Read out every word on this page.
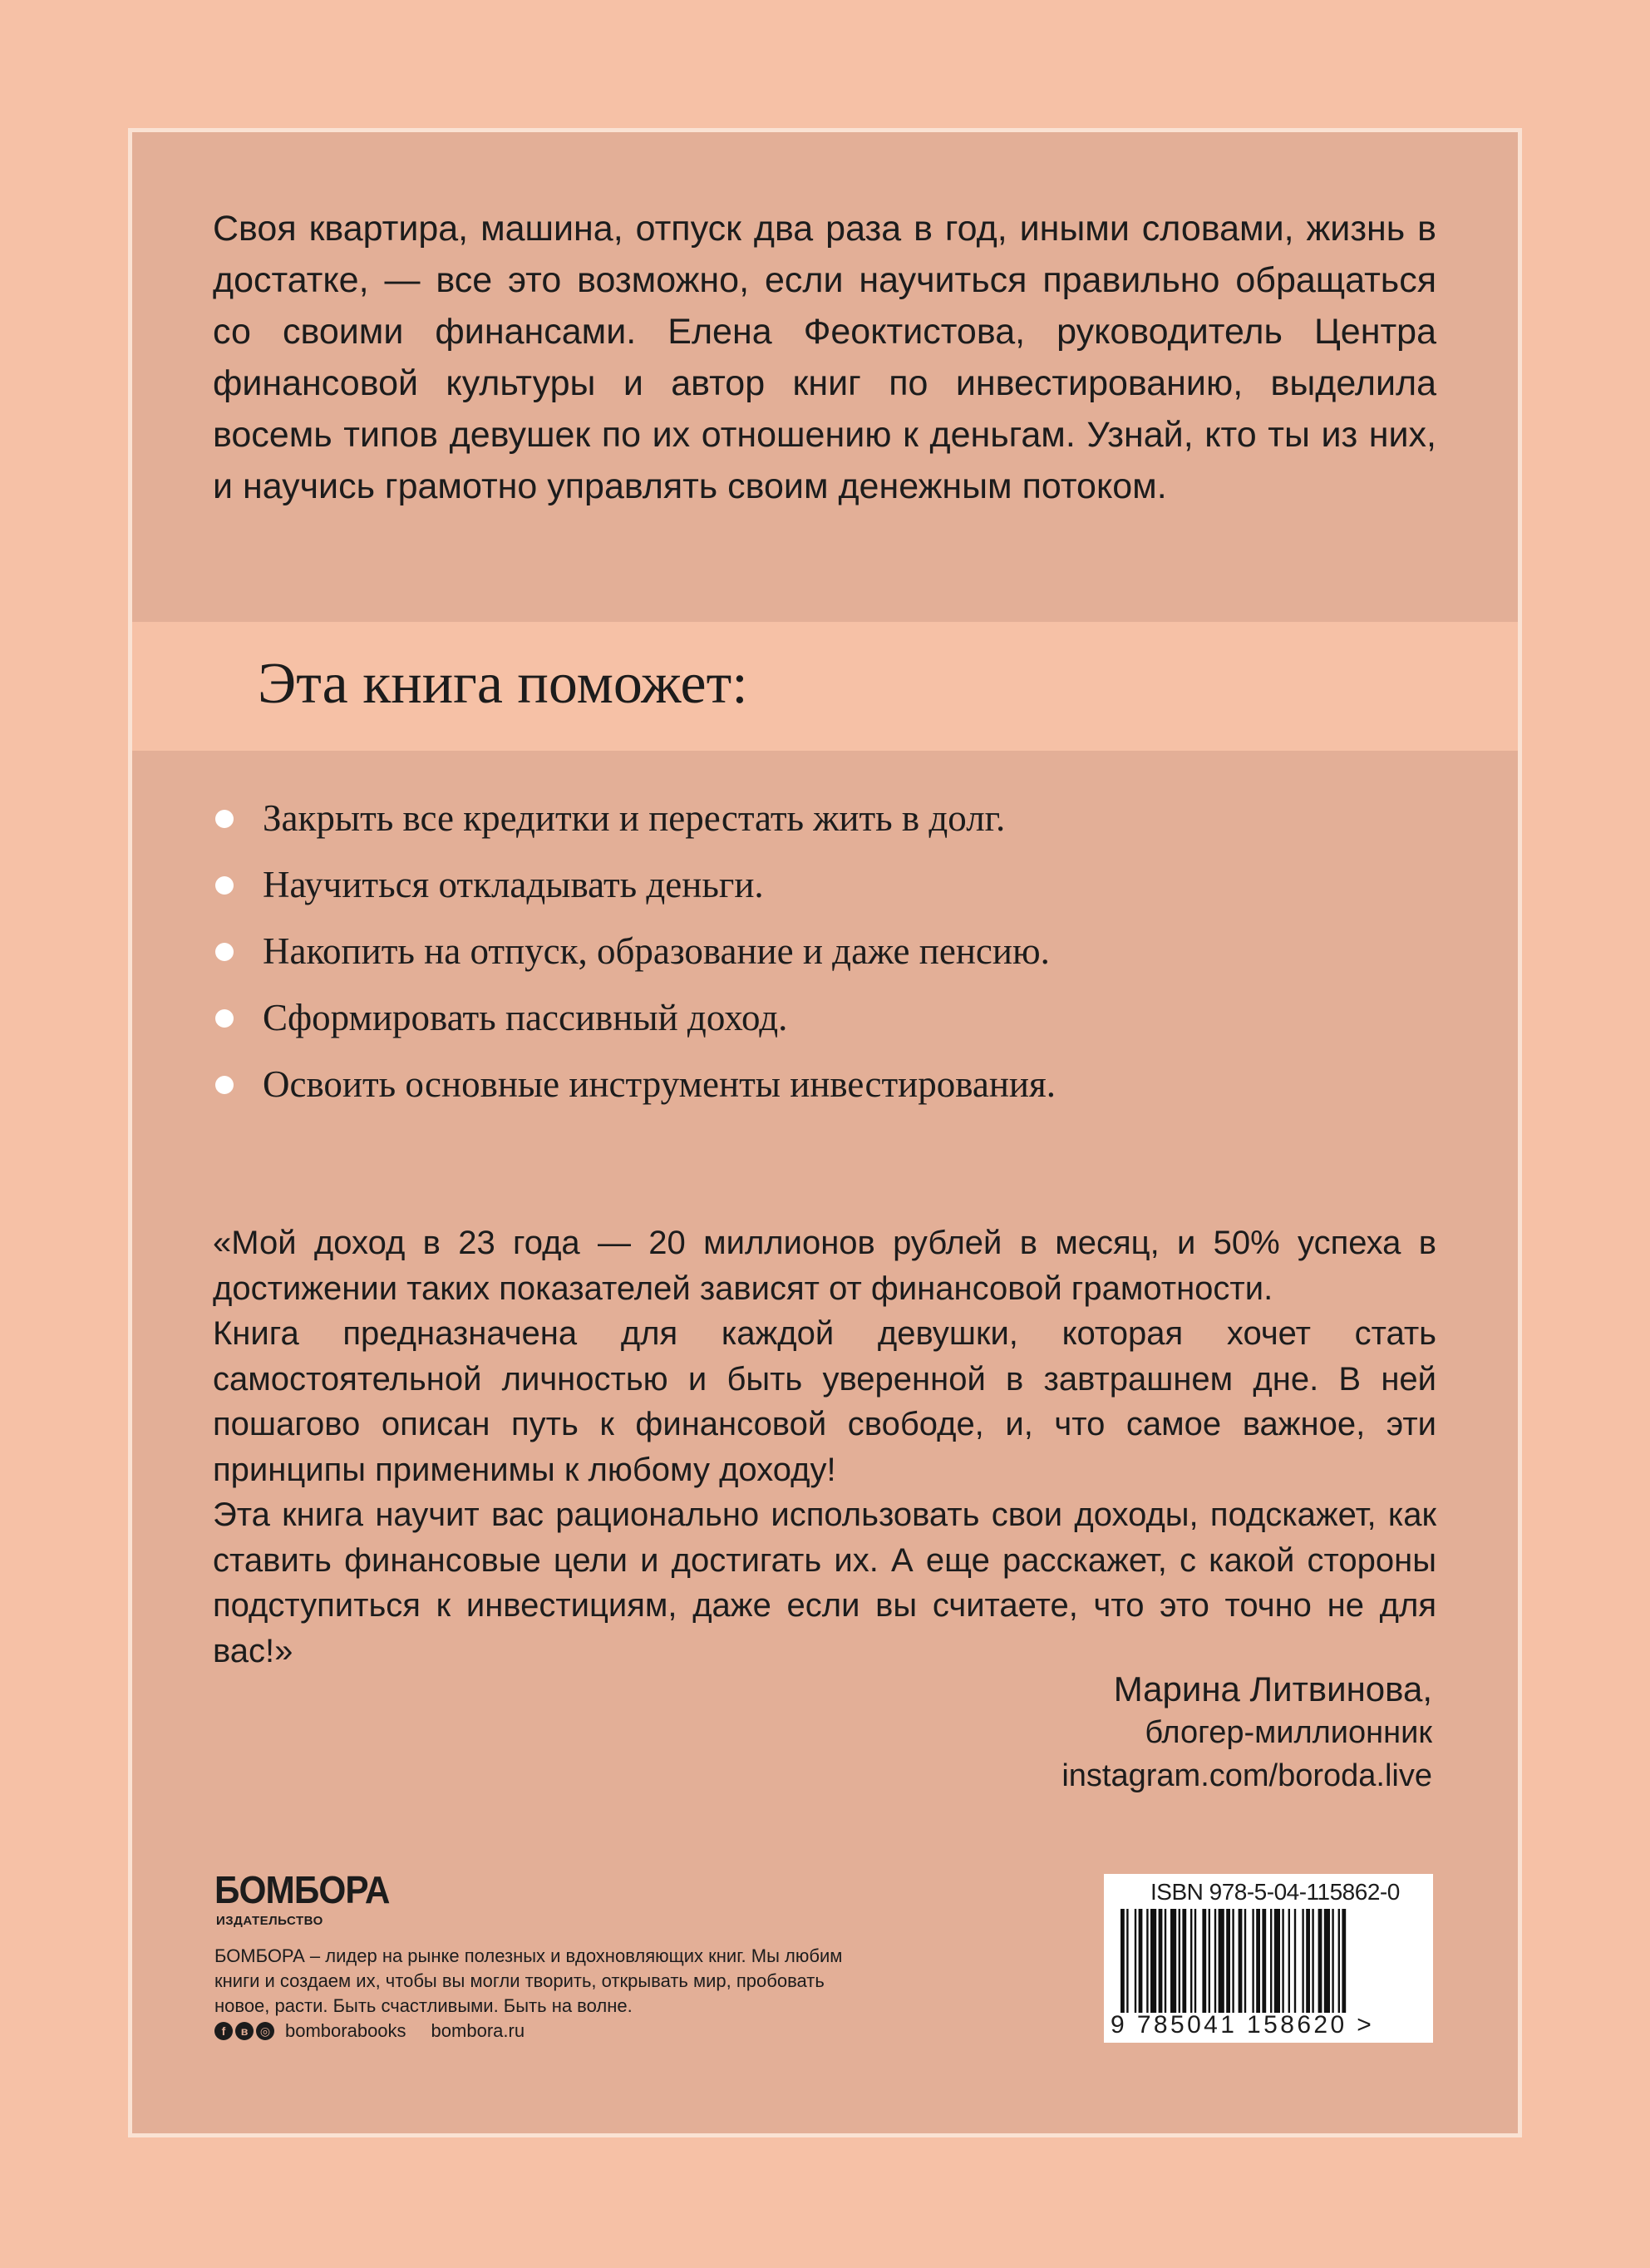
Своя квартира, машина, отпуск два раза в год, иными словами, жизнь в достатке, — все это возможно, если научиться правильно обращаться со своими финансами. Елена Феоктистова, руководитель Центра финансовой культуры и автор книг по инвестированию, выделила восемь типов девушек по их отношению к деньгам. Узнай, кто ты из них, и научись грамотно управлять своим денежным потоком.

Эта книга поможет:
Закрыть все кредитки и перестать жить в долг.
Научиться откладывать деньги.
Накопить на отпуск, образование и даже пенсию.
Сформировать пассивный доход.
Освоить основные инструменты инвестирования.

«Мой доход в 23 года — 20 миллионов рублей в месяц, и 50% успеха в достижении таких показателей зависят от финансовой грамотности.

Книга предназначена для каждой девушки, которая хочет стать самостоятельной личностью и быть уверенной в завтрашнем дне. В ней пошагово описан путь к финансовой свободе, и, что самое важное, эти принципы применимы к любому доходу!

Эта книга научит вас рационально использовать свои доходы, подскажет, как ставить финансовые цели и достигать их. А еще расскажет, с какой стороны подступиться к инвестициям, даже если вы считаете, что это точно не для вас!»

Марина Литвинова,
блогер-миллионник
instagram.com/boroda.live
БОМБОРА
ИЗДАТЕЛЬСТВО

БОМБОРА – лидер на рынке полезных и вдохновляющих книг. Мы любим книги и создаем их, чтобы вы могли творить, открывать мир, пробовать новое, расти. Быть счастливыми. Быть на волне.

f	в	◎ bomborabooks bombora.ru
ISBN 978-5-04-115862-0
9 785041 158620 >
